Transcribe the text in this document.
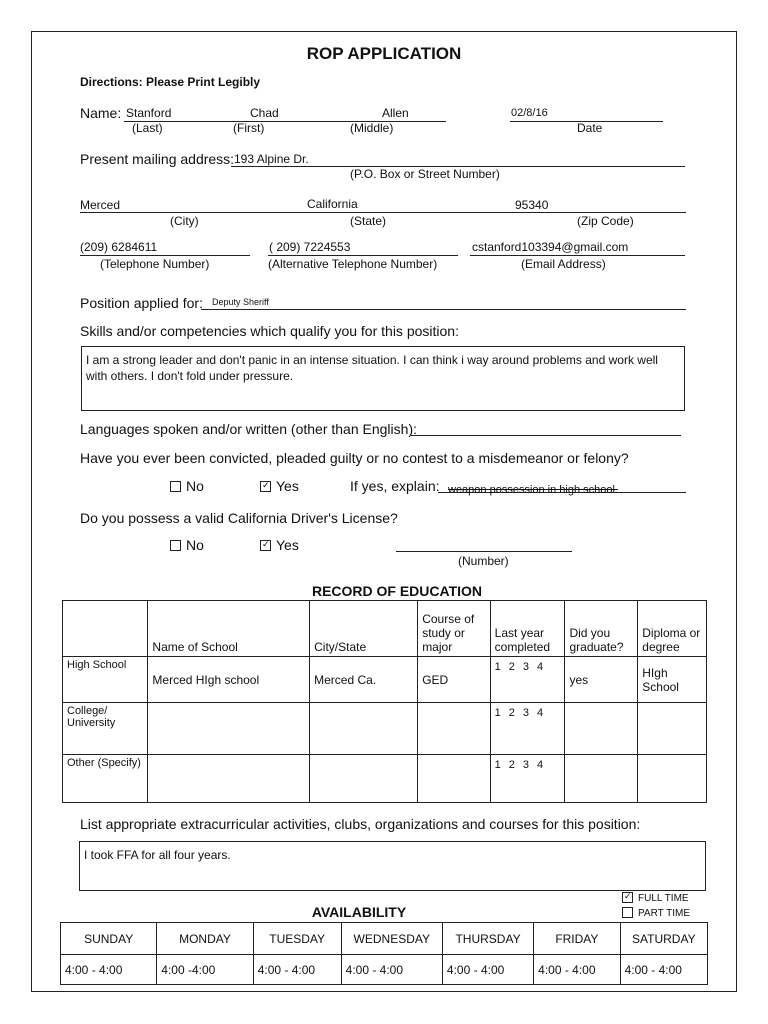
ROP APPLICATION
Directions: Please Print Legibly
Name: Stanford	Chad	Allen	02/8/16
(Last)	(First)	(Middle)	Date
Present mailing address: 193 Alpine Dr.
(P.O. Box or Street Number)
Merced	California	95340
(City)	(State)	(Zip Code)
(209) 6284611	( 209) 7224553	cstanford103394@gmail.com
(Telephone Number)	(Alternative Telephone Number)	(Email Address)
Position applied for: Deputy Sheriff
Skills and/or competencies which qualify you for this position:
I am a strong leader and don't panic in an intense situation. I can think i way around problems and work well with others. I don't fold under pressure.
Languages spoken and/or written (other than English):
Have you ever been convicted, pleaded guilty or no contest to a misdemeanor or felony?
No ✓	Yes	If yes, explain: weapon possession in high school.
Do you possess a valid California Driver's License?
No ✓	Yes
(Number)
RECORD OF EDUCATION
	Name of School	City/State	Course of study or major	Last year completed	Did you graduate?	Diploma or degree
High School	Merced HIgh school	Merced Ca.	GED	1 2 3 4	yes	HIgh School
College/ University				1 2 3 4		
Other (Specify)				1 2 3 4		
List appropriate extracurricular activities, clubs, organizations and courses for this position:
I took FFA for all four years.
AVAILABILITY
✓FULL TIME
PART TIME
SUNDAY	MONDAY	TUESDAY	WEDNESDAY	THURSDAY	FRIDAY	SATURDAY
4:00 - 4:00	4:00 -4:00	4:00 - 4:00	4:00 - 4:00	4:00 - 4:00	4:00 - 4:00	4:00 - 4:00
